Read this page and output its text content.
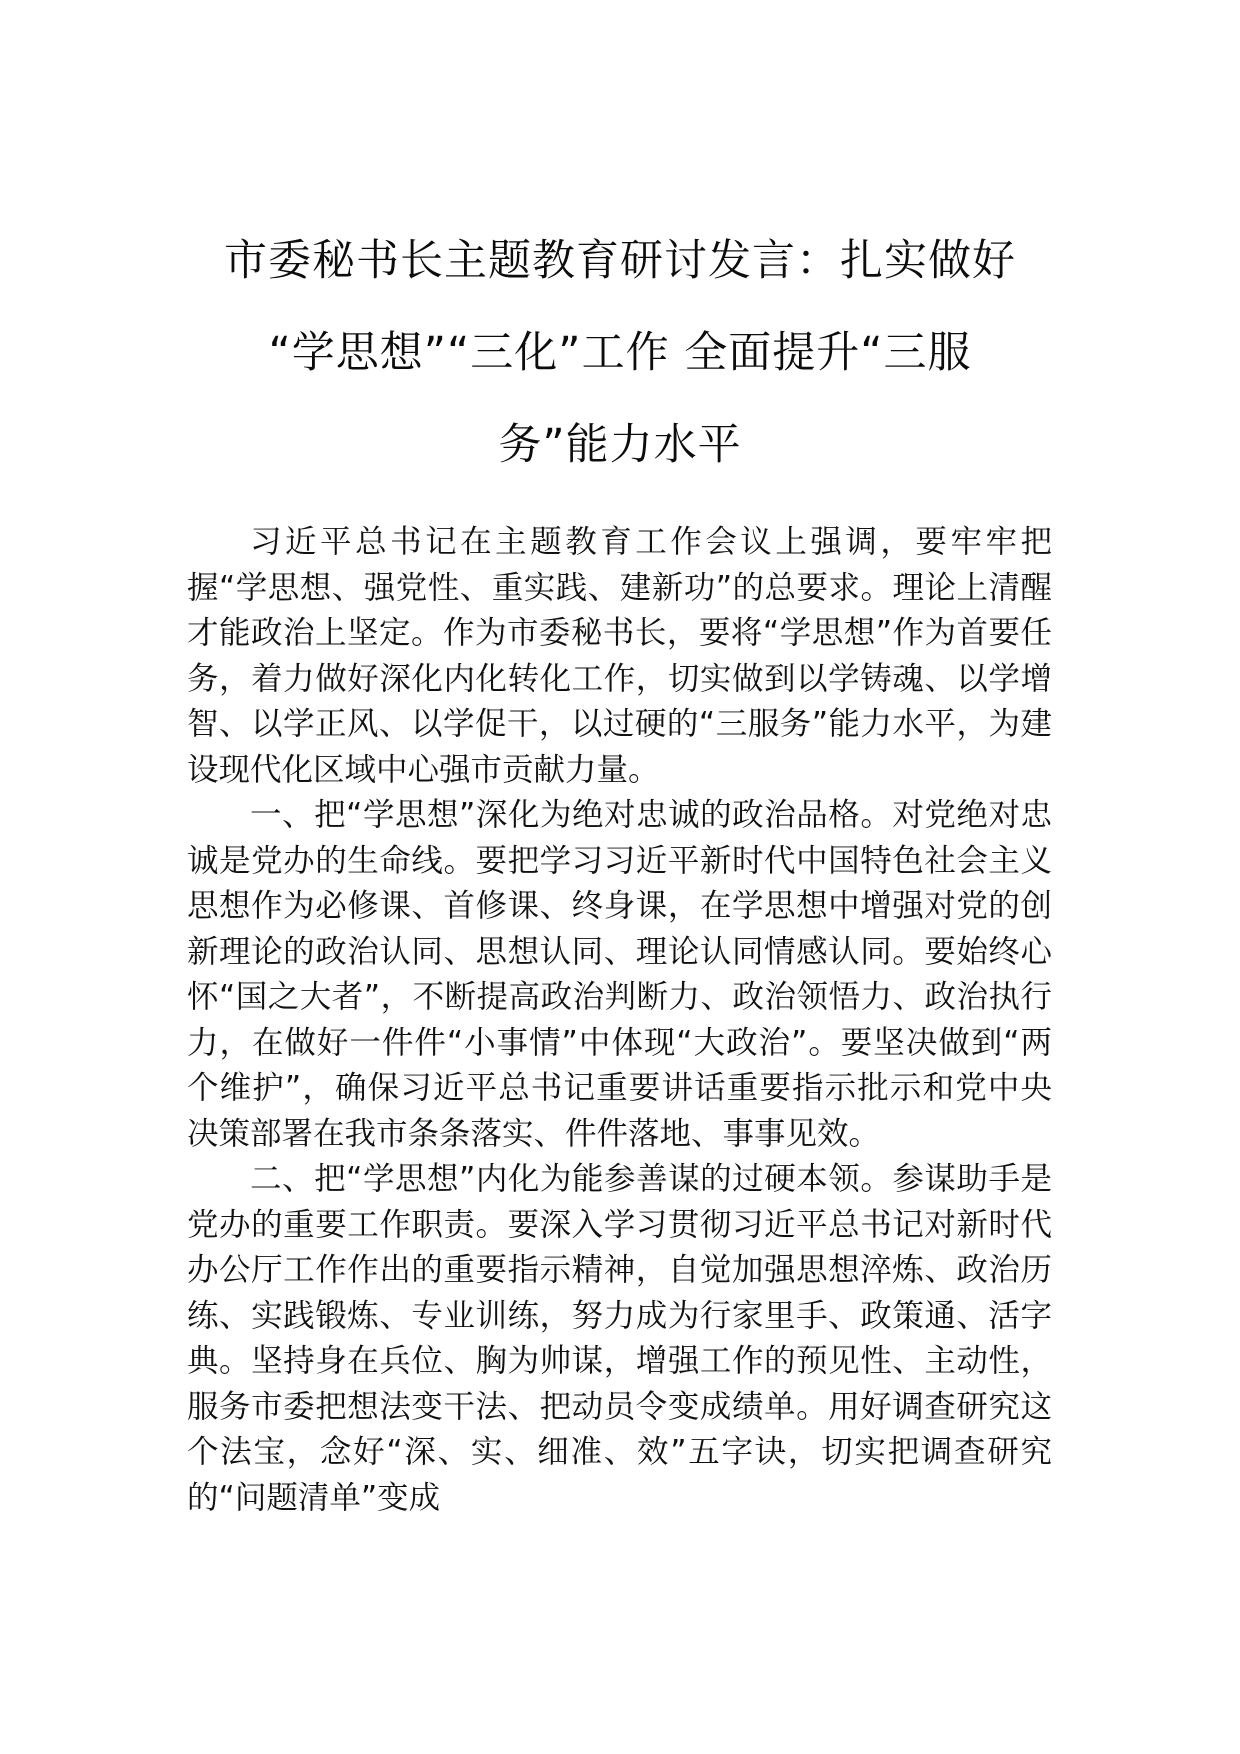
市委秘书长主题教育研讨发言：扎实做好
“学思想”“三化”工作 全面提升“三服
务”能力水平

习近平总书记在主题教育工作会议上强调，要牢牢把握“学思想、强党性、重实践、建新功”的总要求。理论上清醒才能政治上坚定。作为市委秘书长，要将“学思想”作为首要任务，着力做好深化内化转化工作，切实做到以学铸魂、以学增智、以学正风、以学促干，以过硬的“三服务”能力水平，为建设现代化区域中心强市贡献力量。

一、把“学思想”深化为绝对忠诚的政治品格。对党绝对忠诚是党办的生命线。要把学习习近平新时代中国特色社会主义思想作为必修课、首修课、终身课，在学思想中增强对党的创新理论的政治认同、思想认同、理论认同情感认同。要始终心怀“国之大者”，不断提高政治判断力、政治领悟力、政治执行力，在做好一件件“小事情”中体现“大政治”。要坚决做到“两个维护”，确保习近平总书记重要讲话重要指示批示和党中央决策部署在我市条条落实、件件落地、事事见效。

二、把“学思想”内化为能参善谋的过硬本领。参谋助手是党办的重要工作职责。要深入学习贯彻习近平总书记对新时代办公厅工作作出的重要指示精神，自觉加强思想淬炼、政治历练、实践锻炼、专业训练，努力成为行家里手、政策通、活字典。坚持身在兵位、胸为帅谋，增强工作的预见性、主动性，服务市委把想法变干法、把动员令变成绩单。用好调查研究这个法宝，念好“深、实、细准、效”五字诀，切实把调查研究的“问题清单”变成
